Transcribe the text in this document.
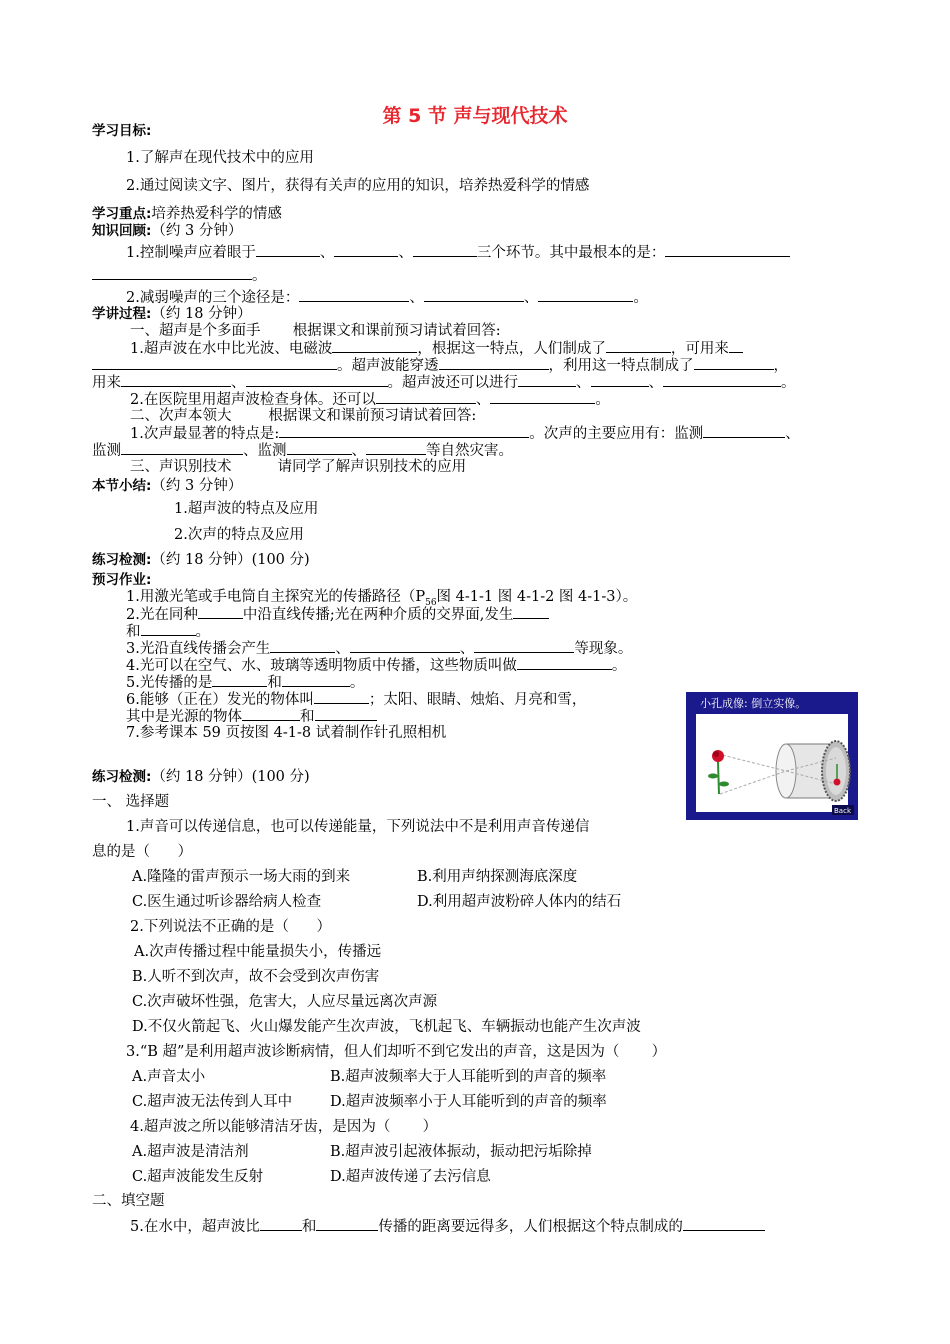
第 5 节 声与现代技术
学习目标:
1.了解声在现代技术中的应用
2.通过阅读文字、图片，获得有关声的应用的知识，培养热爱科学的情感
学习重点:培养热爱科学的情感
知识回顾:（约 3 分钟）
1.控制噪声应着眼于	、	、	三个环节。其中最根本的是：
。
2.减弱噪声的三个途径是：	、	、	。
学讲过程:（约 18 分钟）
一、超声是个多面手 根据课文和课前预习请试着回答:
1.超声波在水中比光波、电磁波	，根据这一特点，人们制成了	，可用来
。超声波能穿透	，利用这一特点制成了	，
用来	、	。超声波还可以进行	、	、	。
2.在医院里用超声波检查身体。还可以	、	。
二、次声本领大	根据课文和课前预习请试着回答:
1.次声最显著的特点是:	。次声的主要应用有：监测	、
监测	、监测	、	等自然灾害。
三、声识别技术	请同学了解声识别技术的应用
本节小结:（约 3 分钟）
1.超声波的特点及应用
2.次声的特点及应用
练习检测:（约 18 分钟）(100 分)
预习作业:
1.用激光笔或手电筒自主探究光的传播路径（$P_{56}$图 4-1-1 图 4-1-2 图 4-1-3）。
2.光在同种	中沿直线传播;光在两种介质的交界面,发生
和	。
3.光沿直线传播会产生	、	、	等现象。
4.光可以在空气、水、玻璃等透明物质中传播，这些物质叫做	。
5.光传播的是	和	。
6.能够（正在）发光的物体叫	；太阳、眼睛、烛焰、月亮和雪，
其中是光源的物体	和
7.参考课本 59 页按图 4-1-8 试着制作针孔照相机
小孔成像: 倒立实像。
Back
练习检测:（约 18 分钟）(100 分)
一、 选择题
1.声音可以传递信息，也可以传递能量，下列说法中不是利用声音传递信
息的是（      ）
A.隆隆的雷声预示一场大雨的到来	B.利用声纳探测海底深度
C.医生通过听诊器给病人检查	D.利用超声波粉碎人体内的结石
2.下列说法不正确的是（      ）
A.次声传播过程中能量损失小，传播远
B.人听不到次声，故不会受到次声伤害
C.次声破坏性强，危害大，人应尽量远离次声源
D.不仅火箭起飞、火山爆发能产生次声波，飞机起飞、车辆振动也能产生次声波
3.“B 超”是利用超声波诊断病情，但人们却听不到它发出的声音，这是因为（       ）
A.声音太小	B.超声波频率大于人耳能听到的声音的频率
C.超声波无法传到人耳中	D.超声波频率小于人耳能听到的声音的频率
4.超声波之所以能够清洁牙齿，是因为（       ）
A.超声波是清洁剂	B.超声波引起液体振动，振动把污垢除掉
C.超声波能发生反射	D.超声波传递了去污信息
二、填空题
5.在水中，超声波比	和	传播的距离要远得多，人们根据这个特点制成的
